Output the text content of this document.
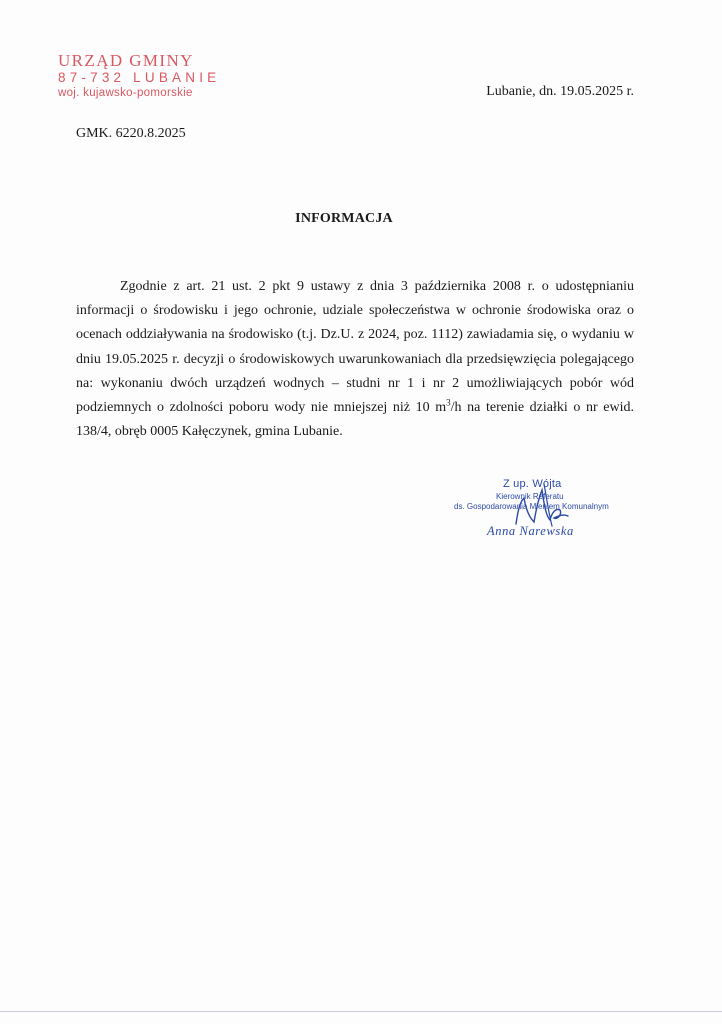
URZĄD GMINY
87-732 LUBANIE
woj. kujawsko-pomorskie	Lubanie, dn. 19.05.2025 r.
GMK. 6220.8.2025
INFORMACJA

Zgodnie z art. 21 ust. 2 pkt 9 ustawy z dnia 3 października 2008 r. o udostępnianiu informacji o środowisku i jego ochronie, udziale społeczeństwa w ochronie środowiska oraz o ocenach oddziaływania na środowisko (t.j. Dz.U. z 2024, poz. 1112) zawiadamia się, o wydaniu w dniu 19.05.2025 r. decyzji o środowiskowych uwarunkowaniach dla przedsięwzięcia polegającego na: wykonaniu dwóch urządzeń wodnych – studni nr 1 i nr 2 umożliwiających pobór wód podziemnych o zdolności poboru wody nie mniejszej niż 10 $m^3/h$ na terenie działki o nr ewid. 138/4, obręb 0005 Kałęczynek, gmina Lubanie.

Z up. Wójta
Kierownik Referatu
ds. Gospodarowania Mieniem Komunalnym
Anna Narewska
